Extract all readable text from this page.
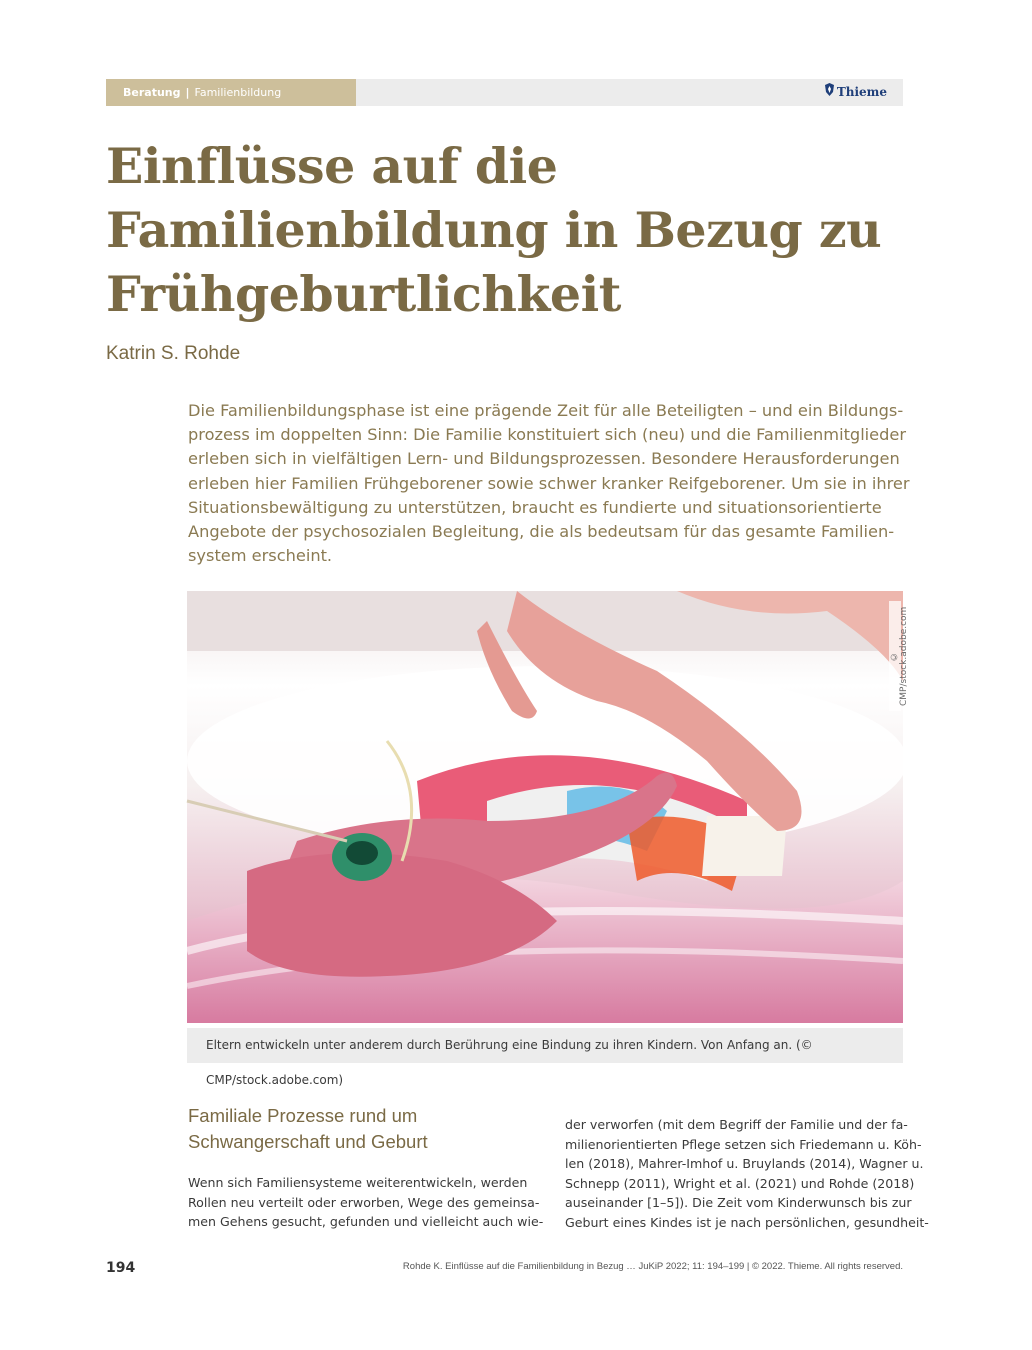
Beratung | Familienbildung	Thieme
Einflüsse auf die
Familienbildung in Bezug zu
Frühgeburtlichkeit
Katrin S. Rohde
Die Familienbildungsphase ist eine prägende Zeit für alle Beteiligten – und ein Bildungs-
prozess im doppelten Sinn: Die Familie konstituiert sich (neu) und die Familienmitglieder
erleben sich in vielfältigen Lern- und Bildungsprozessen. Besondere Herausforderungen
erleben hier Familien Frühgeborener sowie schwer kranker Reifgeborener. Um sie in ihrer
Situationsbewältigung zu unterstützen, braucht es fundierte und situationsorientierte
Angebote der psychosozialen Begleitung, die als bedeutsam für das gesamte Familien-
system erscheint.
© CMP/stock.adobe.com
Eltern entwickeln unter anderem durch Berührung eine Bindung zu ihren Kindern. Von Anfang an. (© CMP/stock.adobe.com)
Familiale Prozesse rund um
Schwangerschaft und Geburt
Wenn sich Familiensysteme weiterentwickeln, werden
Rollen neu verteilt oder erworben, Wege des gemeinsa-
men Gehens gesucht, gefunden und vielleicht auch wie-
der verworfen (mit dem Begriff der Familie und der fa-
milienorientierten Pflege setzen sich Friedemann u. Köh-
len (2018), Mahrer-Imhof u. Bruylands (2014), Wagner u.
Schnepp (2011), Wright et al. (2021) und Rohde (2018)
auseinander [1–5]). Die Zeit vom Kinderwunsch bis zur
Geburt eines Kindes ist je nach persönlichen, gesundheit-
194	Rohde K. Einflüsse auf die Familienbildung in Bezug … JuKiP 2022; 11: 194–199 | © 2022. Thieme. All rights reserved.
